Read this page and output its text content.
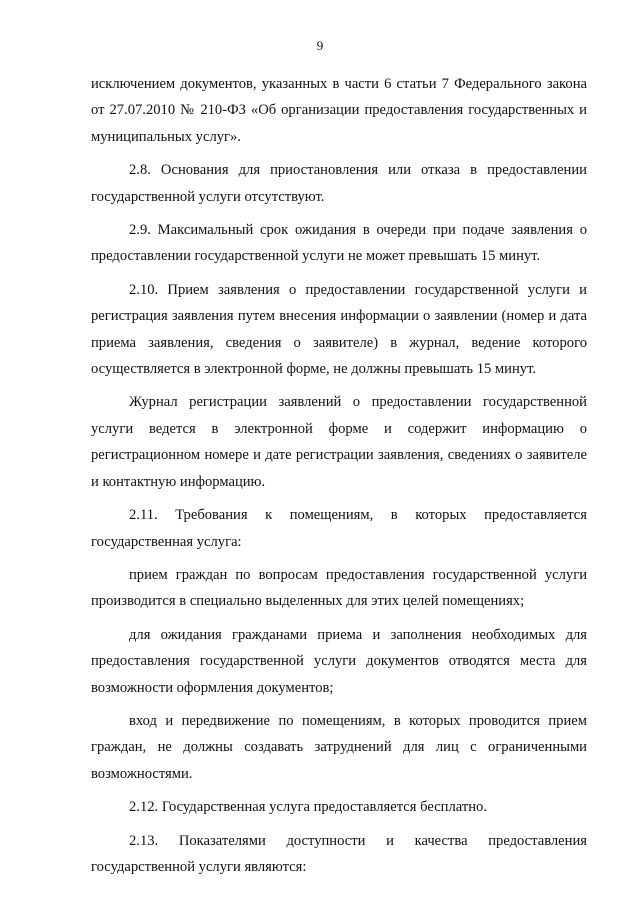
9

исключением документов, указанных в части 6 статьи 7 Федерального закона от 27.07.2010 № 210-ФЗ «Об организации предоставления государственных и муниципальных услуг».

2.8. Основания для приостановления или отказа в предоставлении государственной услуги отсутствуют.

2.9. Максимальный срок ожидания в очереди при подаче заявления о предоставлении государственной услуги не может превышать 15 минут.

2.10. Прием заявления о предоставлении государственной услуги и регистрация заявления путем внесения информации о заявлении (номер и дата приема заявления, сведения о заявителе) в журнал, ведение которого осуществляется в электронной форме, не должны превышать 15 минут.

Журнал регистрации заявлений о предоставлении государственной услуги ведется в электронной форме и содержит информацию о регистрационном номере и дате регистрации заявления, сведениях о заявителе и контактную информацию.

2.11. Требования к помещениям, в которых предоставляется государственная услуга:

прием граждан по вопросам предоставления государственной услуги производится в специально выделенных для этих целей помещениях;

для ожидания гражданами приема и заполнения необходимых для предоставления государственной услуги документов отводятся места для возможности оформления документов;

вход и передвижение по помещениям, в которых проводится прием граждан, не должны создавать затруднений для лиц с ограниченными возможностями.

2.12. Государственная услуга предоставляется бесплатно.

2.13. Показателями доступности и качества предоставления государственной услуги являются:
